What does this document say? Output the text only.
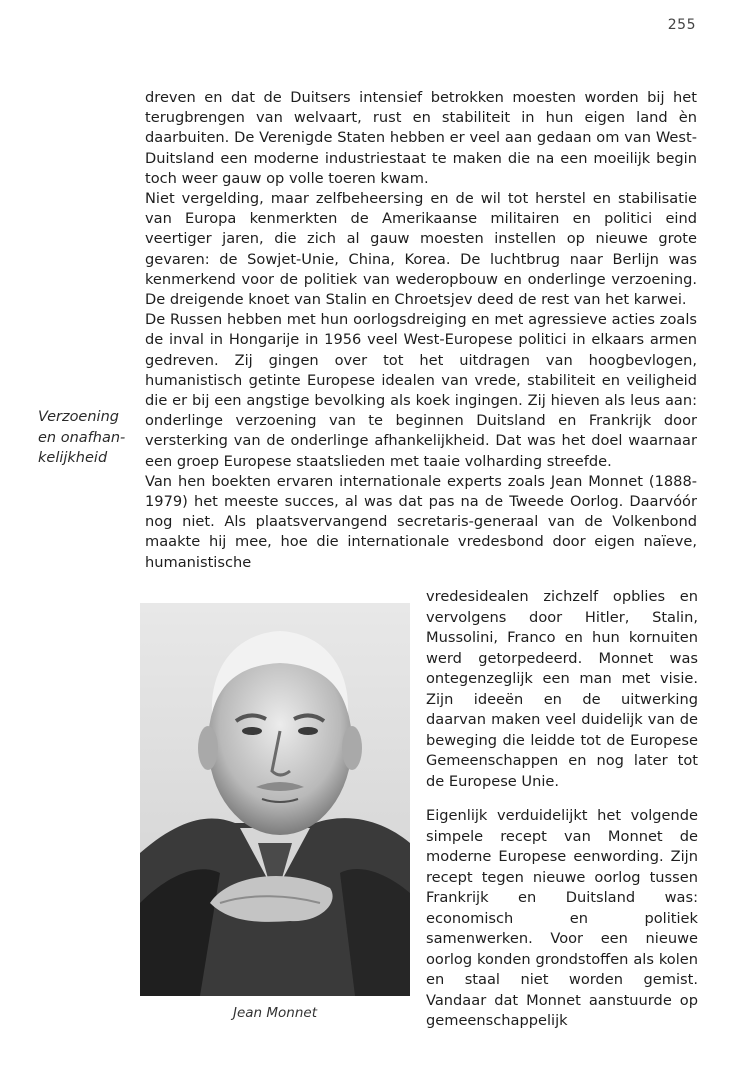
255

dreven en dat de Duitsers intensief betrokken moesten worden bij het terugbrengen van welvaart, rust en stabiliteit in hun eigen land èn daarbuiten. De Verenigde Staten hebben er veel aan gedaan om van West-Duitsland een moderne industriestaat te maken die na een moeilijk begin toch weer gauw op volle toeren kwam.

Niet vergelding, maar zelfbeheersing en de wil tot herstel en stabilisatie van Europa kenmerkten de Amerikaanse militairen en politici eind veertiger jaren, die zich al gauw moesten instellen op nieuwe grote gevaren: de Sowjet-Unie, China, Korea. De luchtbrug naar Berlijn was kenmerkend voor de politiek van wederopbouw en onderlinge verzoening. De dreigende knoet van Stalin en Chroetsjev deed de rest van het karwei.

De Russen hebben met hun oorlogsdreiging en met agressieve acties zoals de inval in Hongarije in 1956 veel West-Europese politici in elkaars armen gedreven. Zij gingen over tot het uitdragen van hoogbevlogen, humanistisch getinte Europese idealen van vrede, stabiliteit en veiligheid die er bij een angstige bevolking als koek ingingen. Zij hieven als leus aan: onderlinge verzoening van te beginnen Duitsland en Frankrijk door versterking van de onderlinge afhankelijkheid. Dat was het doel waarnaar een groep Europese staatslieden met taaie volharding streefde.

Van hen boekten ervaren internationale experts zoals Jean Monnet (1888-1979) het meeste succes, al was dat pas na de Tweede Oorlog. Daarvóór nog niet. Als plaatsvervangend secretaris-generaal van de Volkenbond maakte hij mee, hoe die internationale vredesbond door eigen naïeve, humanistische

Verzoening
en onafhan-
kelijkheid
Jean Monnet

vredesidealen zichzelf opblies en vervolgens door Hitler, Stalin, Mussolini, Franco en hun kornuiten werd getorpedeerd. Monnet was ontegenzeglijk een man met visie. Zijn ideeën en de uitwerking daarvan maken veel duidelijk van de beweging die leidde tot de Europese Gemeenschappen en nog later tot de Europese Unie.

Eigenlijk verduidelijkt het volgende simpele recept van Monnet de moderne Europese eenwording. Zijn recept tegen nieuwe oorlog tussen Frankrijk en Duitsland was: economisch en politiek samenwerken. Voor een nieuwe oorlog konden grondstoffen als kolen en staal niet worden gemist. Vandaar dat Monnet aanstuurde op gemeenschappelijk
